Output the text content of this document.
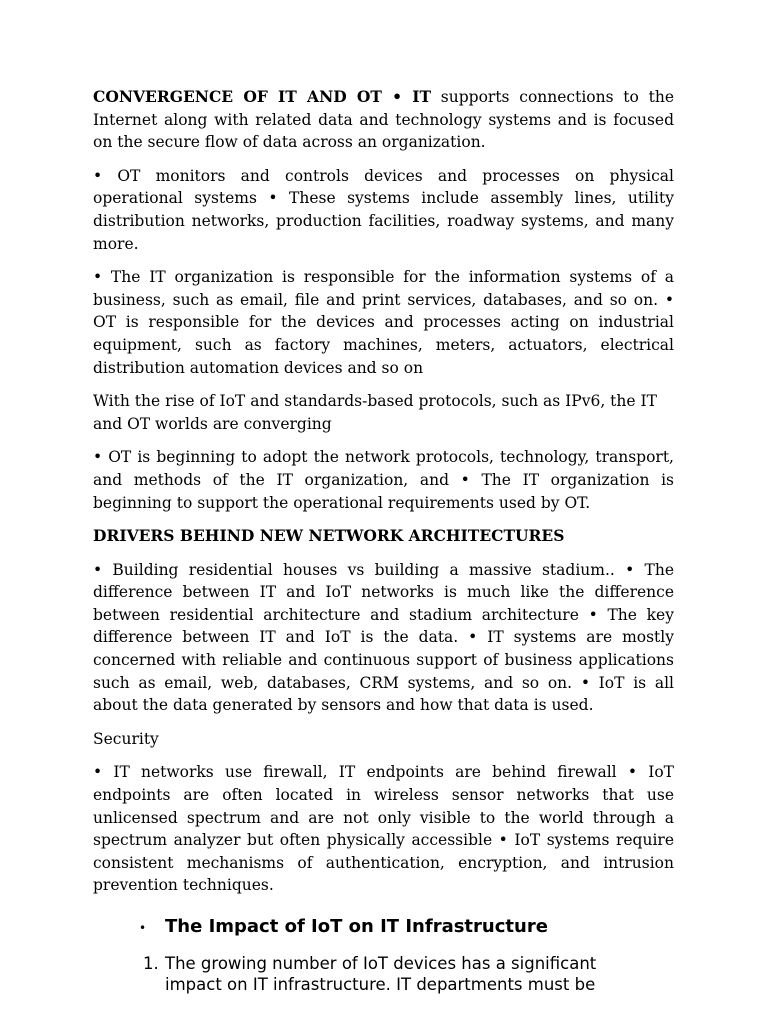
CONVERGENCE OF IT AND OT • IT supports connections to the Internet along with related data and technology systems and is focused on the secure flow of data across an organization.

• OT monitors and controls devices and processes on physical operational systems • These systems include assembly lines, utility distribution networks, production facilities, roadway systems, and many more.

• The IT organization is responsible for the information systems of a business, such as email, file and print services, databases, and so on. • OT is responsible for the devices and processes acting on industrial equipment, such as factory machines, meters, actuators, electrical distribution automation devices and so on

With the rise of IoT and standards-based protocols, such as IPv6, the IT and OT worlds are converging

• OT is beginning to adopt the network protocols, technology, transport, and methods of the IT organization, and • The IT organization is beginning to support the operational requirements used by OT.

DRIVERS BEHIND NEW NETWORK ARCHITECTURES

• Building residential houses vs building a massive stadium.. • The difference between IT and IoT networks is much like the difference between residential architecture and stadium architecture • The key difference between IT and IoT is the data. • IT systems are mostly concerned with reliable and continuous support of business applications such as email, web, databases, CRM systems, and so on. • IoT is all about the data generated by sensors and how that data is used.

Security

• IT networks use firewall, IT endpoints are behind firewall • IoT endpoints are often located in wireless sensor networks that use unlicensed spectrum and are not only visible to the world through a spectrum analyzer but often physically accessible • IoT systems require consistent mechanisms of authentication, encryption, and intrusion prevention techniques.

•	The Impact of IoT on IT Infrastructure
1. The growing number of IoT devices has a significant impact on IT infrastructure. IT departments must be
